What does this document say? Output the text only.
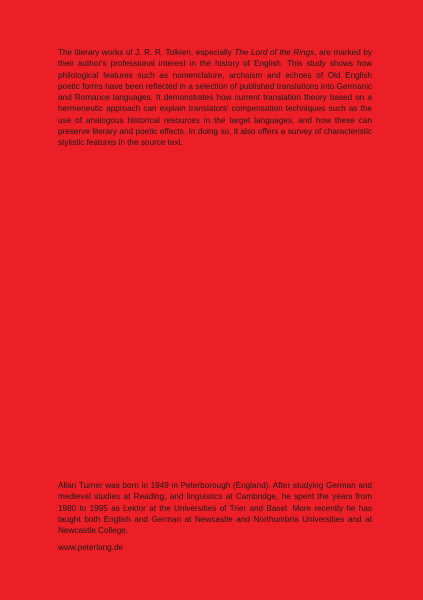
The literary works of J. R. R. Tolkien, especially The Lord of the Rings, are marked by their author's professional interest in the history of English. This study shows how philological features such as nomenclature, archaism and echoes of Old English poetic forms have been reflected in a selection of published translations into Germanic and Romance languages. It demonstrates how current translation theory based on a hermeneutic approach can explain translators' compensation techniques such as the use of analogous historical resources in the target languages, and how these can preserve literary and poetic effects. In doing so, it also offers a survey of characteristic stylistic features in the source text.

Allan Turner was born in 1949 in Peterborough (England). After studying German and medieval studies at Reading, and linguistics at Cambridge, he spent the years from 1980 to 1995 as Lektor at the Universities of Trier and Basel. More recently he has taught both English and German at Newcastle and Northumbria Universities and at Newcastle College.

www.peterlang.de
